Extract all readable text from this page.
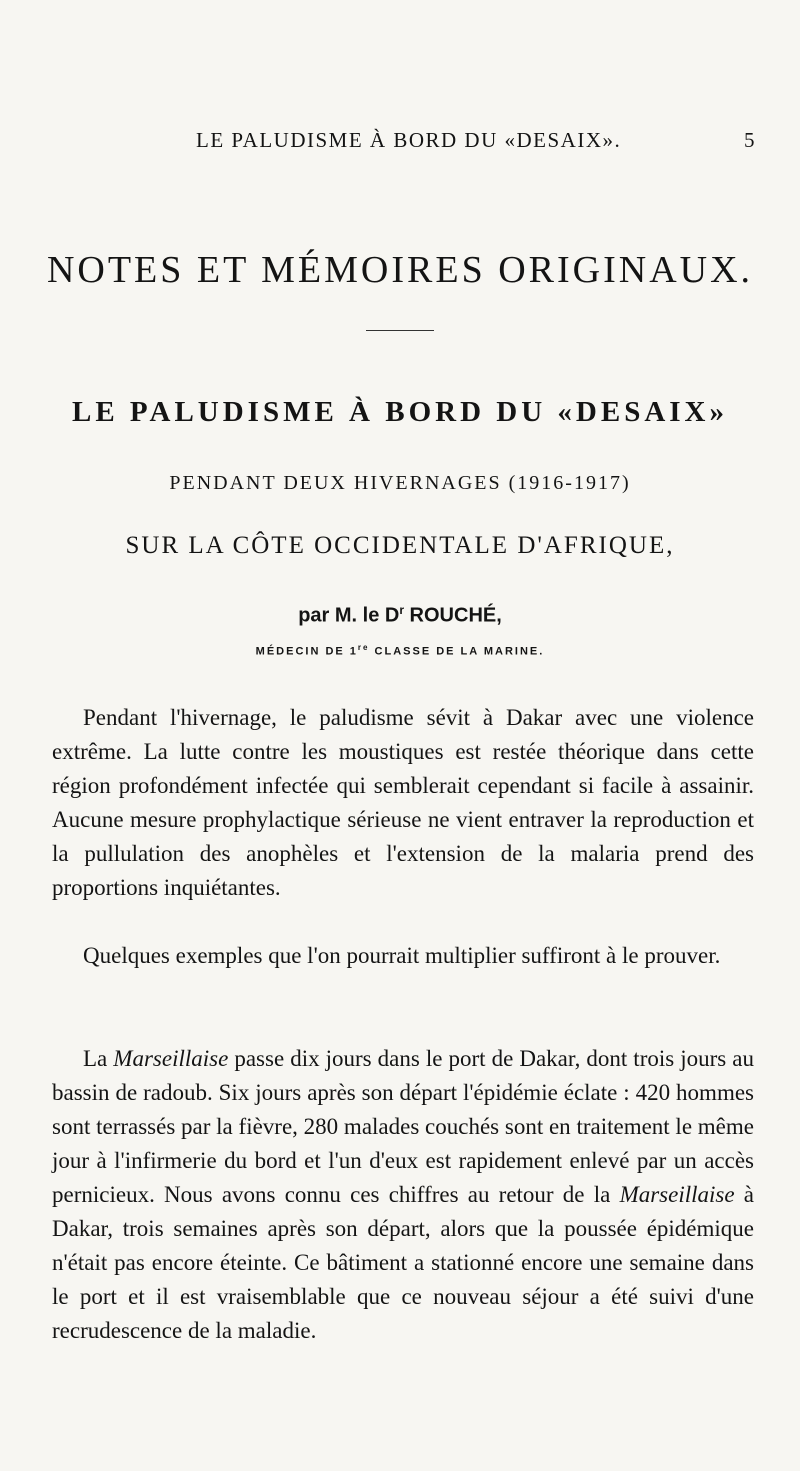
LE PALUDISME À BORD DU «DESAIX».	5
NOTES ET MÉMOIRES ORIGINAUX.
LE PALUDISME À BORD DU «DESAIX»
PENDANT DEUX HIVERNAGES (1916-1917)
SUR LA CÔTE OCCIDENTALE D'AFRIQUE,
par M. le $D^r$ ROUCHÉ,
MÉDECIN DE 1re CLASSE DE LA MARINE.

Pendant l'hivernage, le paludisme sévit à Dakar avec une violence extrême. La lutte contre les moustiques est restée théorique dans cette région profondément infectée qui semblerait cependant si facile à assainir. Aucune mesure prophylactique sérieuse ne vient entraver la reproduction et la pullulation des anophèles et l'extension de la malaria prend des proportions inquiétantes.

Quelques exemples que l'on pourrait multiplier suffiront à le prouver.

La Marseillaise passe dix jours dans le port de Dakar, dont trois jours au bassin de radoub. Six jours après son départ l'épidémie éclate : 420 hommes sont terrassés par la fièvre, 280 malades couchés sont en traitement le même jour à l'infirmerie du bord et l'un d'eux est rapidement enlevé par un accès pernicieux. Nous avons connu ces chiffres au retour de la Marseillaise à Dakar, trois semaines après son départ, alors que la poussée épidémique n'était pas encore éteinte. Ce bâtiment a stationné encore une semaine dans le port et il est vraisemblable que ce nouveau séjour a été suivi d'une recrudescence de la maladie.
